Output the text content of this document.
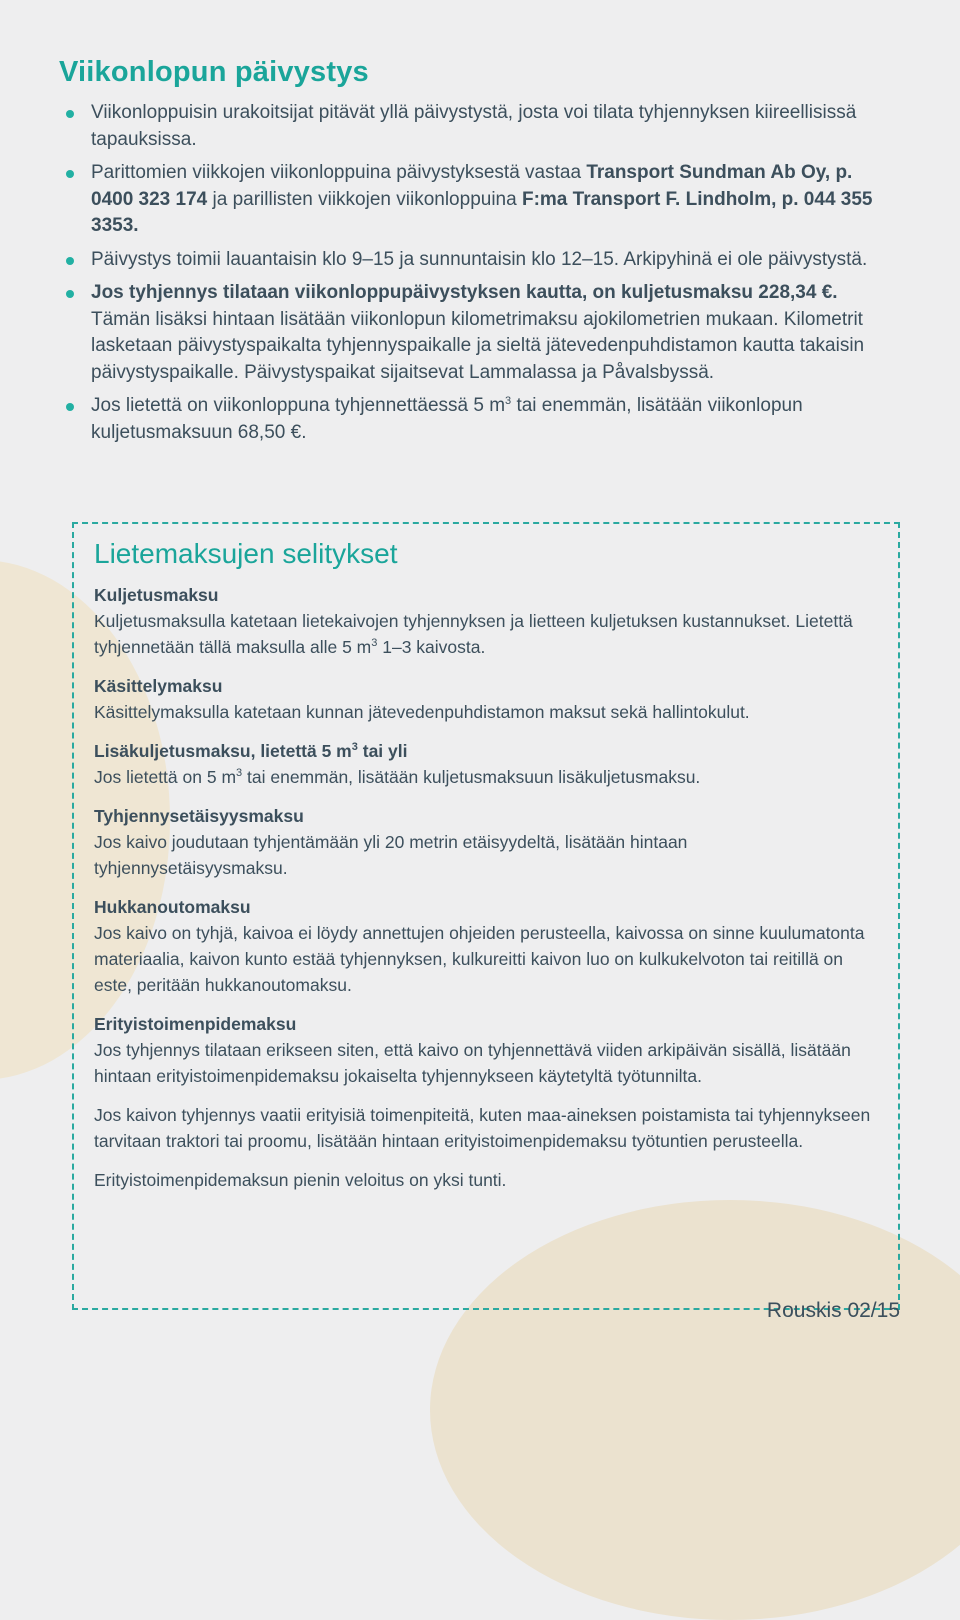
Viikonlopun päivystys

Viikonloppuisin urakoitsijat pitävät yllä päivystystä, josta voi tilata tyhjennyksen kiireellisissä tapauksissa.

Parittomien viikkojen viikonloppuina päivystyksestä vastaa Transport Sundman Ab Oy, p. 0400 323 174 ja parillisten viikkojen viikonloppuina F:ma Transport F. Lindholm, p. 044 355 3353.

Päivystys toimii lauantaisin klo 9–15 ja sunnuntaisin klo 12–15. Arkipyhinä ei ole päivystystä.

Jos tyhjennys tilataan viikonloppupäivystyksen kautta, on kuljetusmaksu 228,34 €. Tämän lisäksi hintaan lisätään viikonlopun kilometrimaksu ajokilometrien mukaan. Kilometrit lasketaan päivystyspaikalta tyhjennyspaikalle ja sieltä jätevedenpuhdistamon kautta takaisin päivystyspaikalle. Päivystyspaikat sijaitsevat Lammalassa ja Påvalsbyssä.

Jos lietettä on viikonloppuna tyhjennettäessä 5 $m^3$ tai enemmän, lisätään viikonlopun kuljetusmaksuun 68,50 €.

Lietemaksujen selitykset

Kuljetusmaksu

Kuljetusmaksulla katetaan lietekaivojen tyhjennyksen ja lietteen kuljetuksen kustannukset. Lietettä tyhjennetään tällä maksulla alle 5 $m^3$ 1–3 kaivosta.

Käsittelymaksu

Käsittelymaksulla katetaan kunnan jätevedenpuhdistamon maksut sekä hallintokulut.

Lisäkuljetusmaksu, lietettä 5 $m^3$ tai yli

Jos lietettä on 5 $m^3$ tai enemmän, lisätään kuljetusmaksuun lisäkuljetusmaksu.

Tyhjennysetäisyysmaksu

Jos kaivo joudutaan tyhjentämään yli 20 metrin etäisyydeltä, lisätään hintaan tyhjennysetäisyysmaksu.

Hukkanoutomaksu

Jos kaivo on tyhjä, kaivoa ei löydy annettujen ohjeiden perusteella, kaivossa on sinne kuulumatonta materiaalia, kaivon kunto estää tyhjennyksen, kulkureitti kaivon luo on kulkukelvoton tai reitillä on este, peritään hukkanoutomaksu.

Erityistoimenpidemaksu

Jos tyhjennys tilataan erikseen siten, että kaivo on tyhjennettävä viiden arkipäivän sisällä, lisätään hintaan erityistoimenpidemaksu jokaiselta tyhjennykseen käytetyltä työtunnilta.

Jos kaivon tyhjennys vaatii erityisiä toimenpiteitä, kuten maa-aineksen poistamista tai tyhjennykseen tarvitaan traktori tai proomu, lisätään hintaan erityistoimenpidemaksu työtuntien perusteella.

Erityistoimenpidemaksun pienin veloitus on yksi tunti.

Rouskis 02/15
